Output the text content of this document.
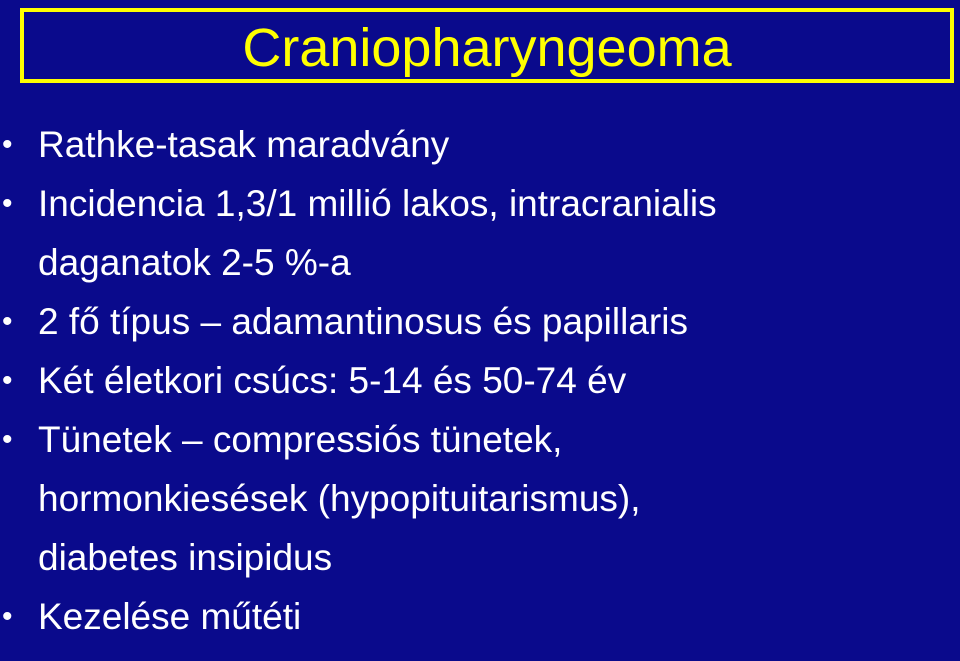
Craniopharyngeoma
• Rathke-tasak maradvány
• Incidencia 1,3/1 millió lakos, intracranialis
daganatok 2-5 %-a
• 2 fő típus – adamantinosus és papillaris
• Két életkori csúcs: 5-14 és 50-74 év
• Tünetek – compressiós tünetek,
hormonkiesések (hypopituitarismus),
diabetes insipidus
• Kezelése műtéti
